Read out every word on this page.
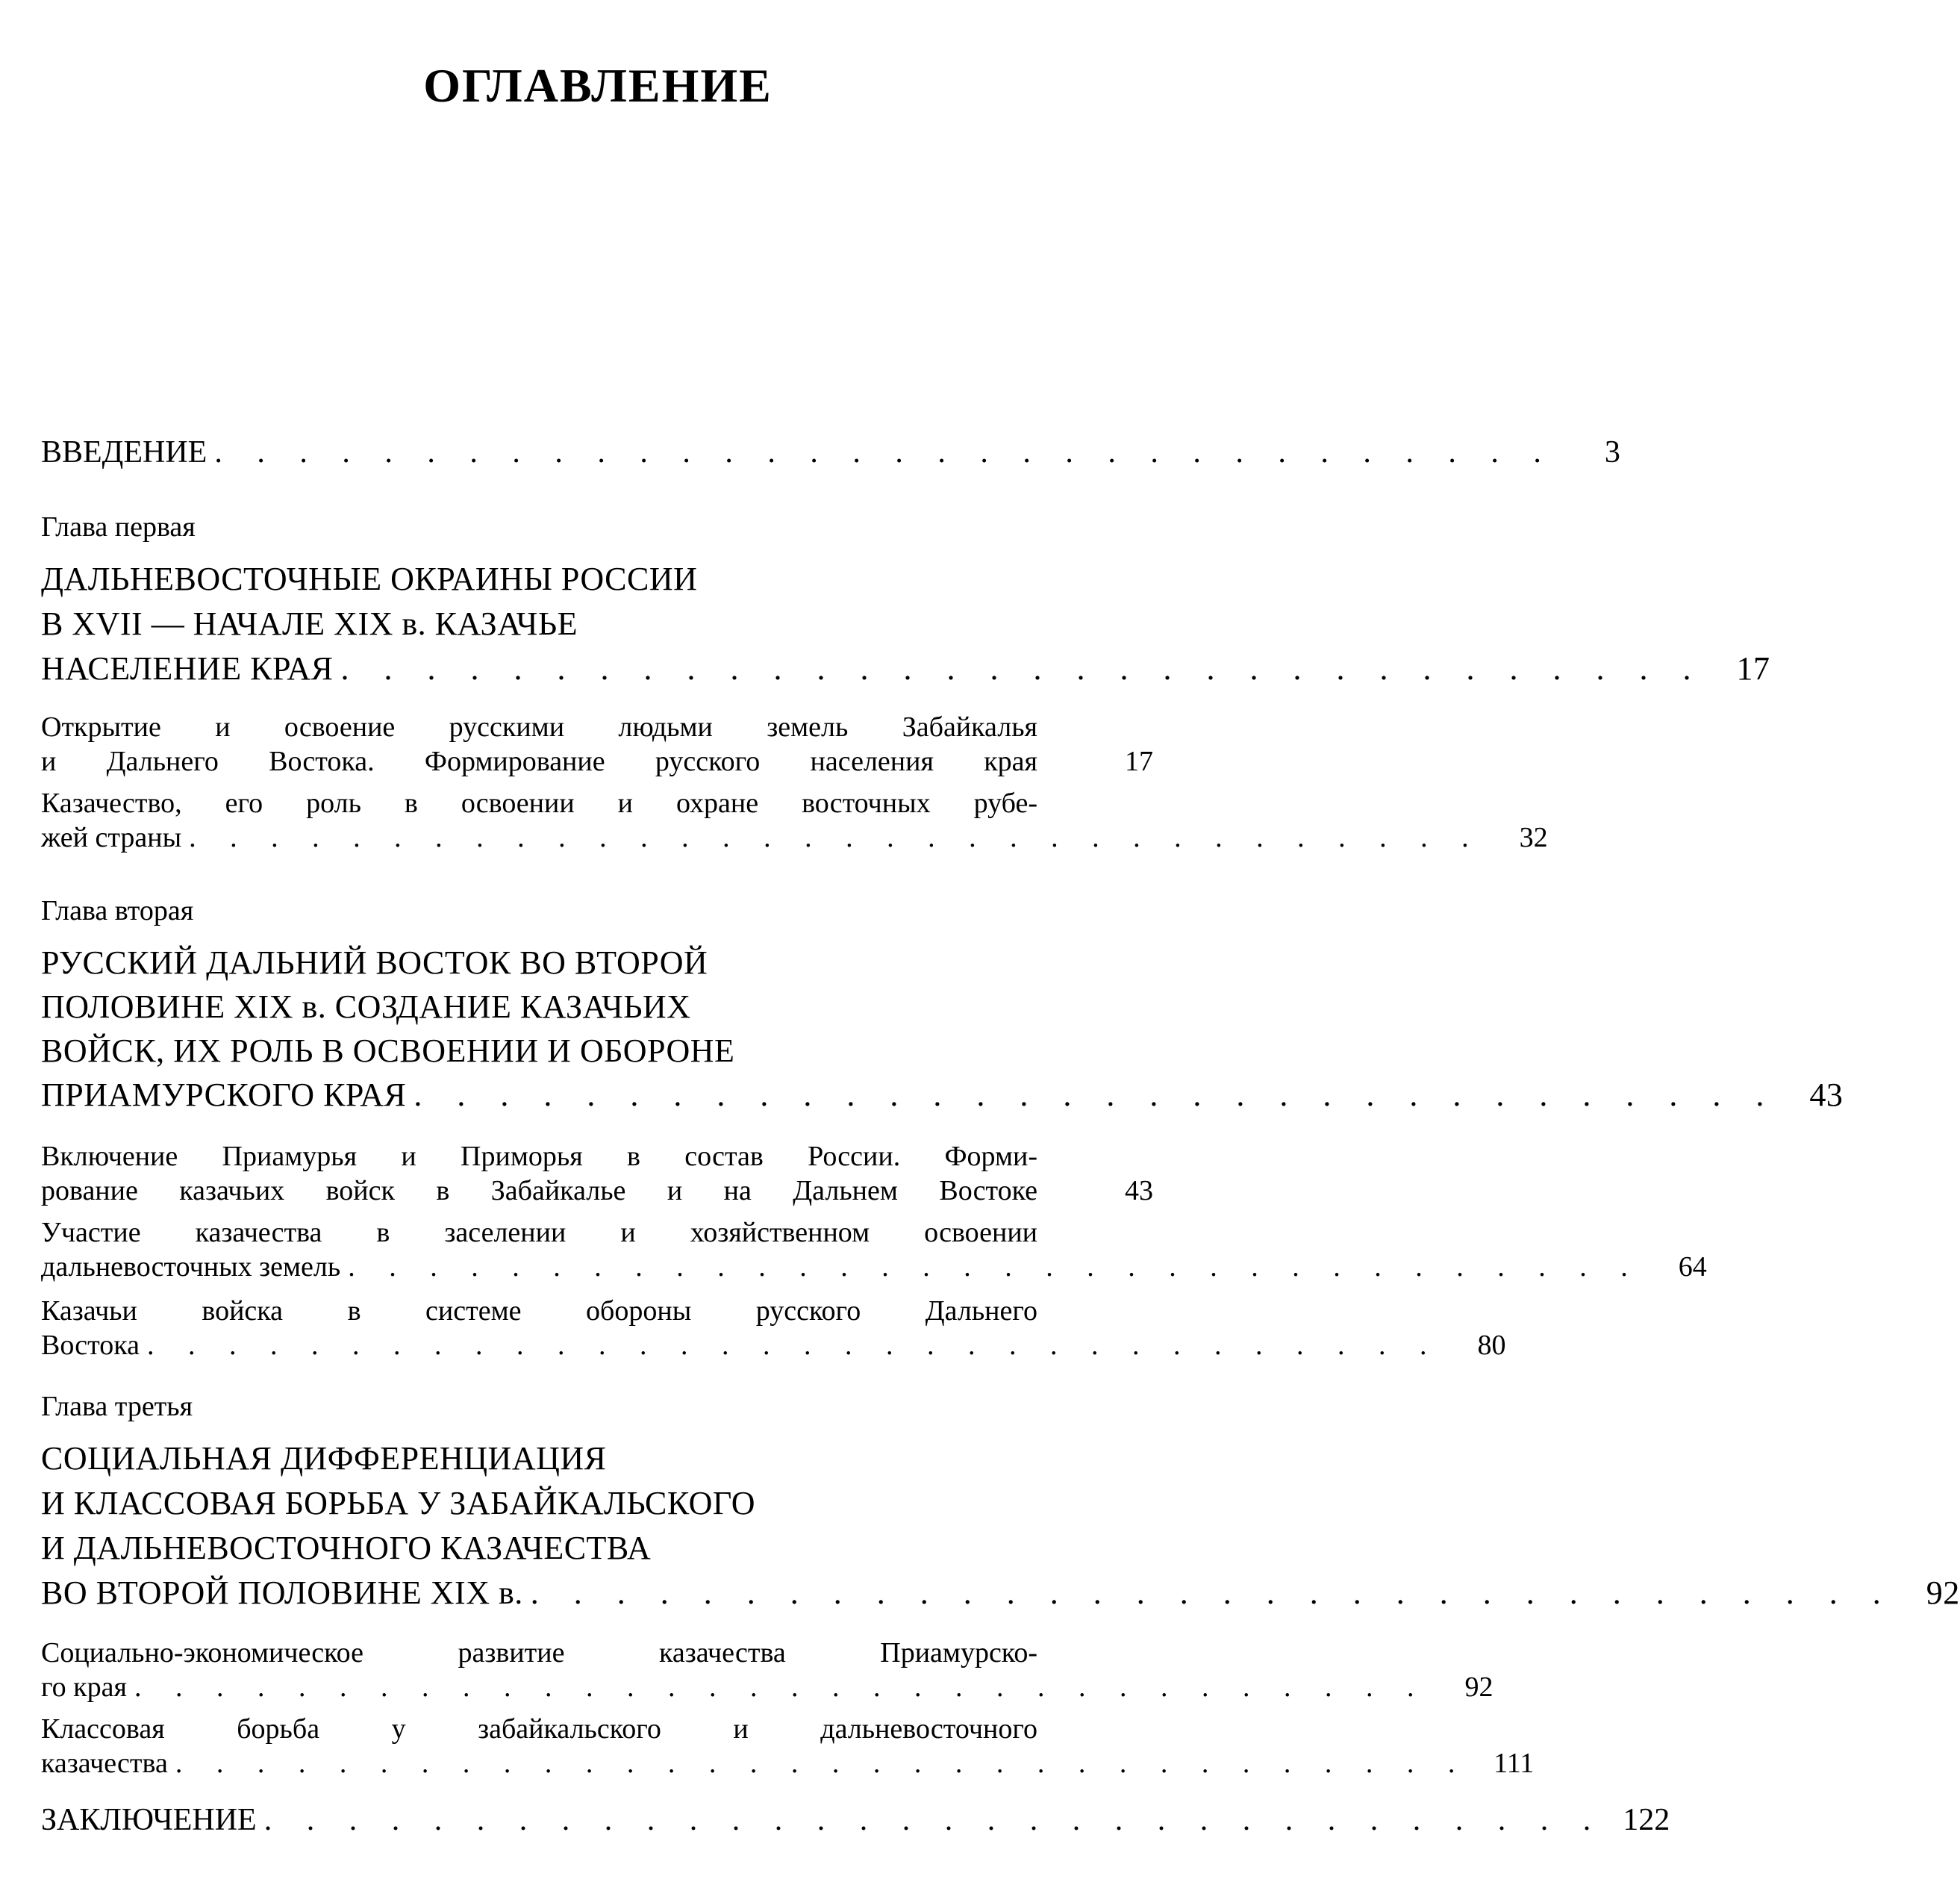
ОГЛАВЛЕНИЕ
ВВЕДЕНИЕ . . . . . . . . . . . . . . . . . . . . . . . . . . . . . . . .	3
Глава первая
ДАЛЬНЕВОСТОЧНЫЕ ОКРАИНЫ РОССИИ
В XVII — НАЧАЛЕ XIX в. КАЗАЧЬЕ
НАСЕЛЕНИЕ КРАЯ . . . . . . . . . . . . . . . . . . . . . . . . . . . . . . . . 17
Открытие и освоение русскими людьми земель Забайкалья
и Дальнего Востока. Формирование русского населения края	17
Казачество, его роль в освоении и охране восточных рубе-
жей страны . . . . . . . . . . . . . . . . . . . . . . . . . . . . . . . .	32
Глава вторая
РУССКИЙ ДАЛЬНИЙ ВОСТОК ВО ВТОРОЙ
ПОЛОВИНЕ XIX в. СОЗДАНИЕ КАЗАЧЬИХ
ВОЙСК, ИХ РОЛЬ В ОСВОЕНИИ И ОБОРОНЕ
ПРИАМУРСКОГО КРАЯ . . . . . . . . . . . . . . . . . . . . . . . . . . . . . . . . 43
Включение Приамурья и Приморья в состав России. Форми-
рование казачьих войск в Забайкалье и на Дальнем Востоке	43
Участие казачества в заселении и хозяйственном освоении
дальневосточных земель . . . . . . . . . . . . . . . . . . . . . . . . . . . . . . . .	64
Казачьи войска в системе обороны русского Дальнего
Востока . . . . . . . . . . . . . . . . . . . . . . . . . . . . . . . .	80
Глава третья
СОЦИАЛЬНАЯ ДИФФЕРЕНЦИАЦИЯ
И КЛАССОВАЯ БОРЬБА У ЗАБАЙКАЛЬСКОГО
И ДАЛЬНЕВОСТОЧНОГО КАЗАЧЕСТВА
ВО ВТОРОЙ ПОЛОВИНЕ XIX в. . . . . . . . . . . . . . . . . . . . . . . . . . . . . . . . . 92
Социально-экономическое развитие казачества Приамурско-
го края . . . . . . . . . . . . . . . . . . . . . . . . . . . . . . . .	92
Классовая борьба у забайкальского и дальневосточного
казачества . . . . . . . . . . . . . . . . . . . . . . . . . . . . . . . . 111
ЗАКЛЮЧЕНИЕ . . . . . . . . . . . . . . . . . . . . . . . . . . . . . . . . 122
